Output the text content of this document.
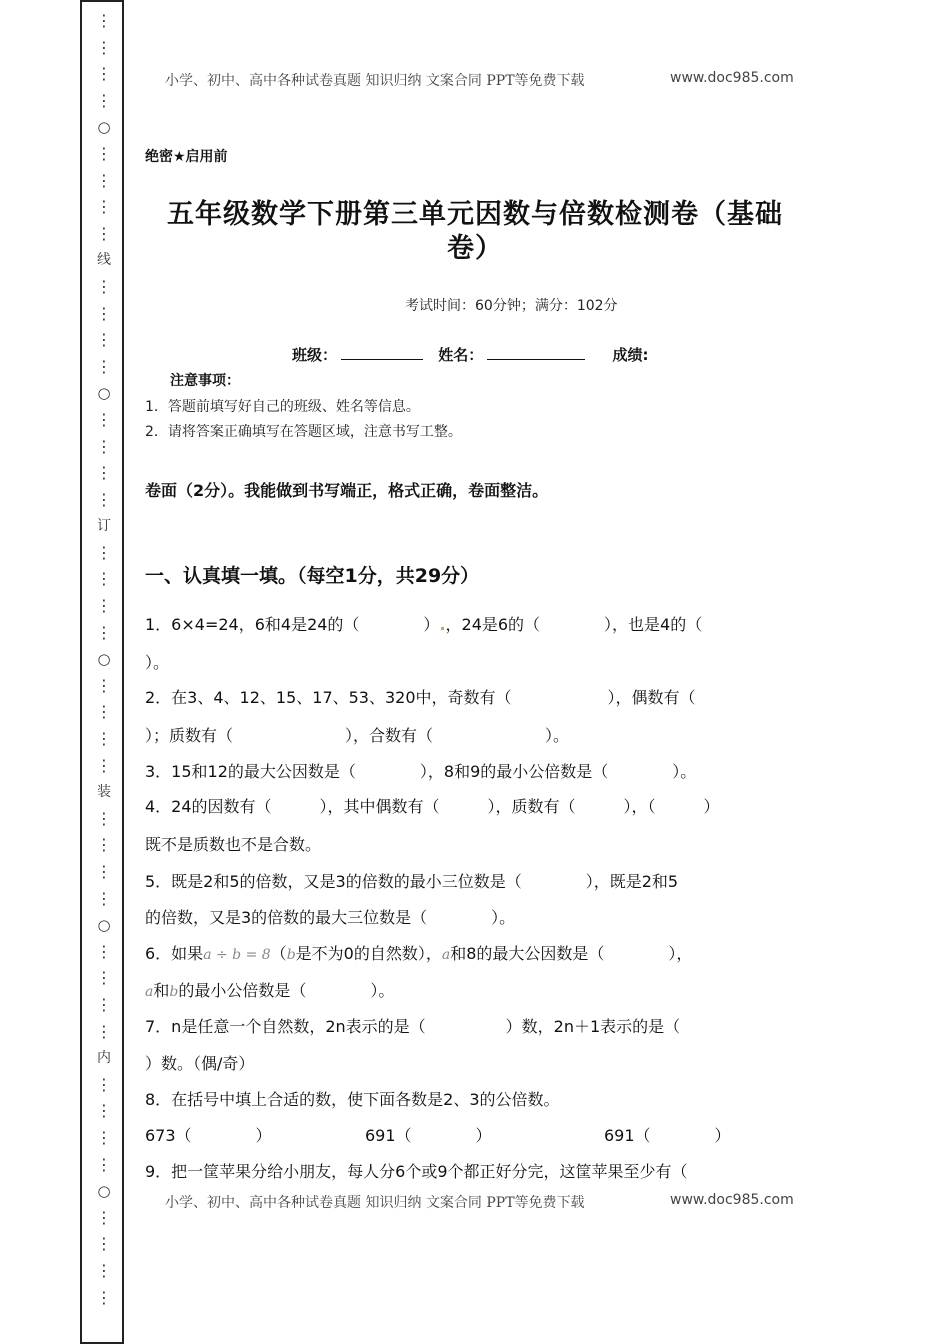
⋮
⋮
⋮
⋮
○
⋮
⋮
⋮
⋮
线
⋮
⋮
⋮
⋮
○
⋮
⋮
⋮
⋮
订
⋮
⋮
⋮
⋮
○
⋮
⋮
⋮
⋮
装
⋮
⋮
⋮
⋮
○
⋮
⋮
⋮
⋮
内
⋮
⋮
⋮
⋮
○
⋮
⋮
⋮
⋮
小学、初中、高中各种试卷真题 知识归纳 文案合同 PPT等免费下载	www.doc985.com
绝密★启用前
五年级数学下册第三单元因数与倍数检测卷（基础
卷）
考试时间：60分钟；满分：102分
班级：	姓名：	成绩:
注意事项：
1．答题前填写好自己的班级、姓名等信息。
2．请将答案正确填写在答题区域，注意书写工整。
卷面（2分）。我能做到书写端正，格式正确，卷面整洁。
一、认真填一填。（每空1分，共29分）
1．6×4=24，6和4是24的（　　　　）.，24是6的（　　　　），也是4的（
）。
2．在3、4、12、15、17、53、320中，奇数有（　　　　　　），偶数有（
）；质数有（　　　　　　　），合数有（　　　　　　　）。
3．15和12的最大公因数是（　　　　），8和9的最小公倍数是（　　　　）。
4．24的因数有（　　　），其中偶数有（　　　），质数有（　　　），（　　　）
既不是质数也不是合数。
5．既是2和5的倍数，又是3的倍数的最小三位数是（　　　　），既是2和5
的倍数，又是3的倍数的最大三位数是（　　　　）。
6．如果a ÷ b = 8（b是不为0的自然数），a和8的最大公因数是（　　　　），
a和b的最小公倍数是（　　　　）。
7．n是任意一个自然数，2n表示的是（　　　　　）数，2n＋1表示的是（
）数。（偶/奇）
8．在括号中填上合适的数，使下面各数是2、3的公倍数。
673（　　　　）	691（　　　　）	691（　　　　）
9．把一筐苹果分给小朋友，每人分6个或9个都正好分完，这筐苹果至少有（
小学、初中、高中各种试卷真题 知识归纳 文案合同 PPT等免费下载	www.doc985.com
